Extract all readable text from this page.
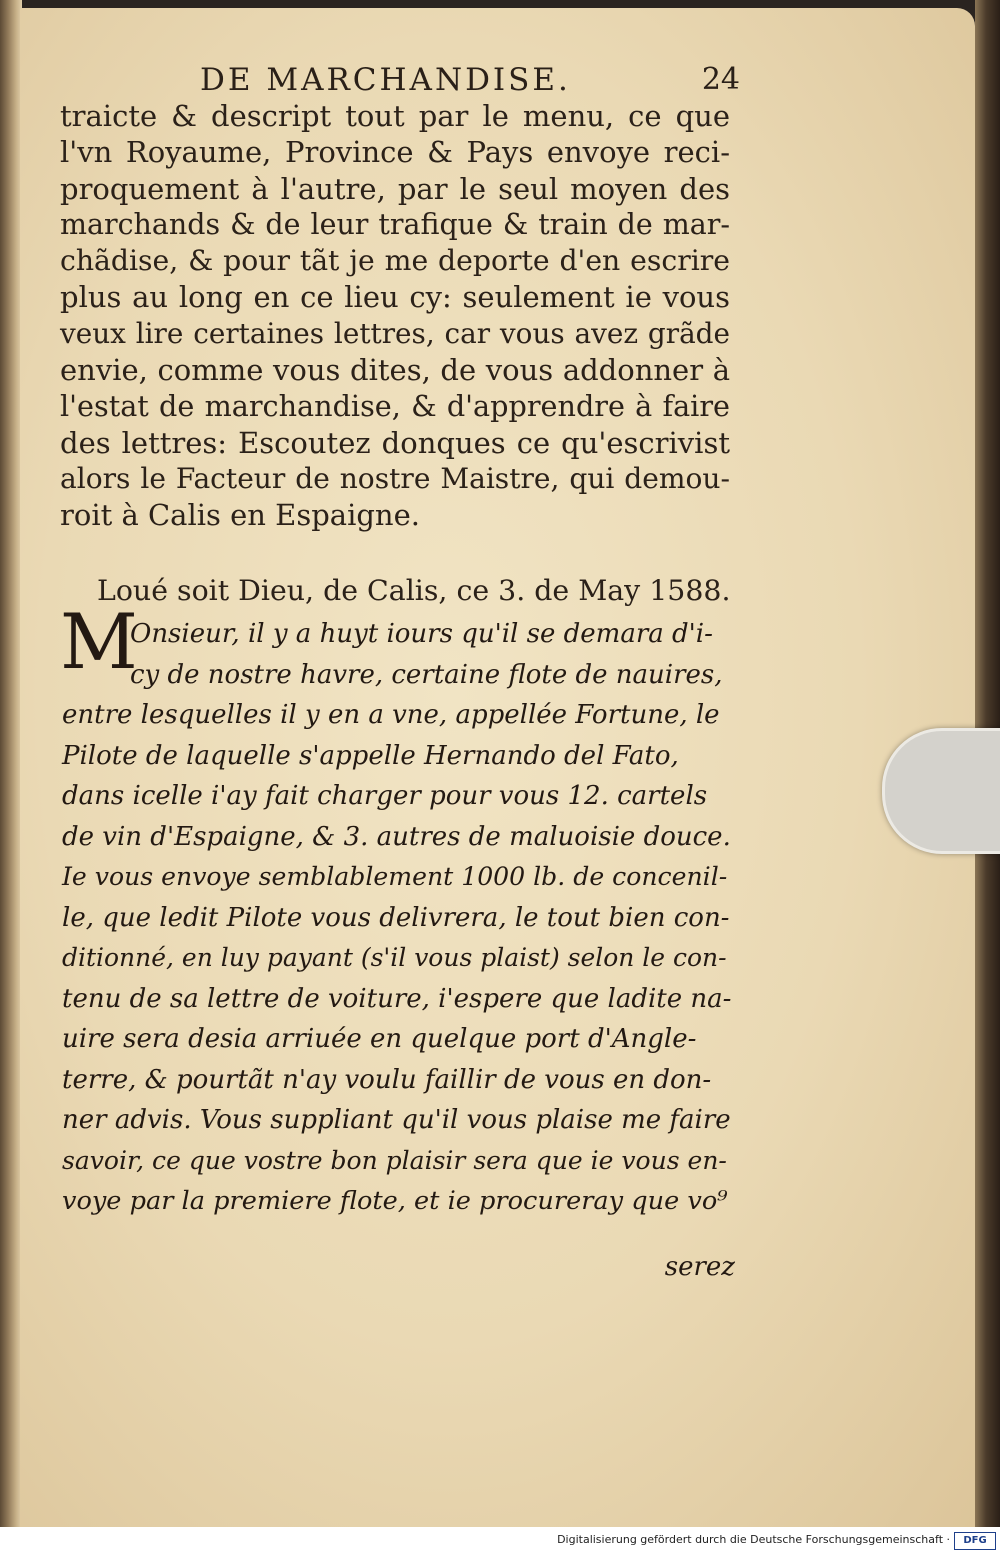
DE MARCHANDISE.	24
traicte & descript tout par le menu, ce que
l'vn Royaume, Province & Pays envoye reci-
proquement à l'autre, par le seul moyen des
marchands & de leur trafique & train de mar-
chãdise, & pour tãt je me deporte d'en escrire
plus au long en ce lieu cy: seulement ie vous
veux lire certaines lettres, car vous avez grãde
envie, comme vous dites, de vous addonner à
l'estat de marchandise, & d'apprendre à faire
des lettres: Escoutez donques ce qu'escrivist
alors le Facteur de nostre Maistre, qui demou-
roit à Calis en Espaigne.
Loué soit Dieu, de Calis, ce 3. de May 1588.
M
Onsieur, il y a huyt iours qu'il se demara d'i-
cy de nostre havre, certaine flote de nauires,
entre lesquelles il y en a vne, appellée Fortune, le
Pilote de laquelle s'appelle Hernando del Fato,
dans icelle i'ay fait charger pour vous 12. cartels
de vin d'Espaigne, & 3. autres de maluoisie douce.
Ie vous envoye semblablement 1000 lb. de concenil-
le, que ledit Pilote vous delivrera, le tout bien con-
ditionné, en luy payant (s'il vous plaist) selon le con-
tenu de sa lettre de voiture, i'espere que ladite na-
uire sera desia arriuée en quelque port d'Angle-
terre, & pourtãt n'ay voulu faillir de vous en don-
ner advis. Vous suppliant qu'il vous plaise me faire
savoir, ce que vostre bon plaisir sera que ie vous en-
voye par la premiere flote, et ie procureray que vo⁹
serez
Digitalisierung gefördert durch die Deutsche Forschungsgemeinschaft ·	DFG
